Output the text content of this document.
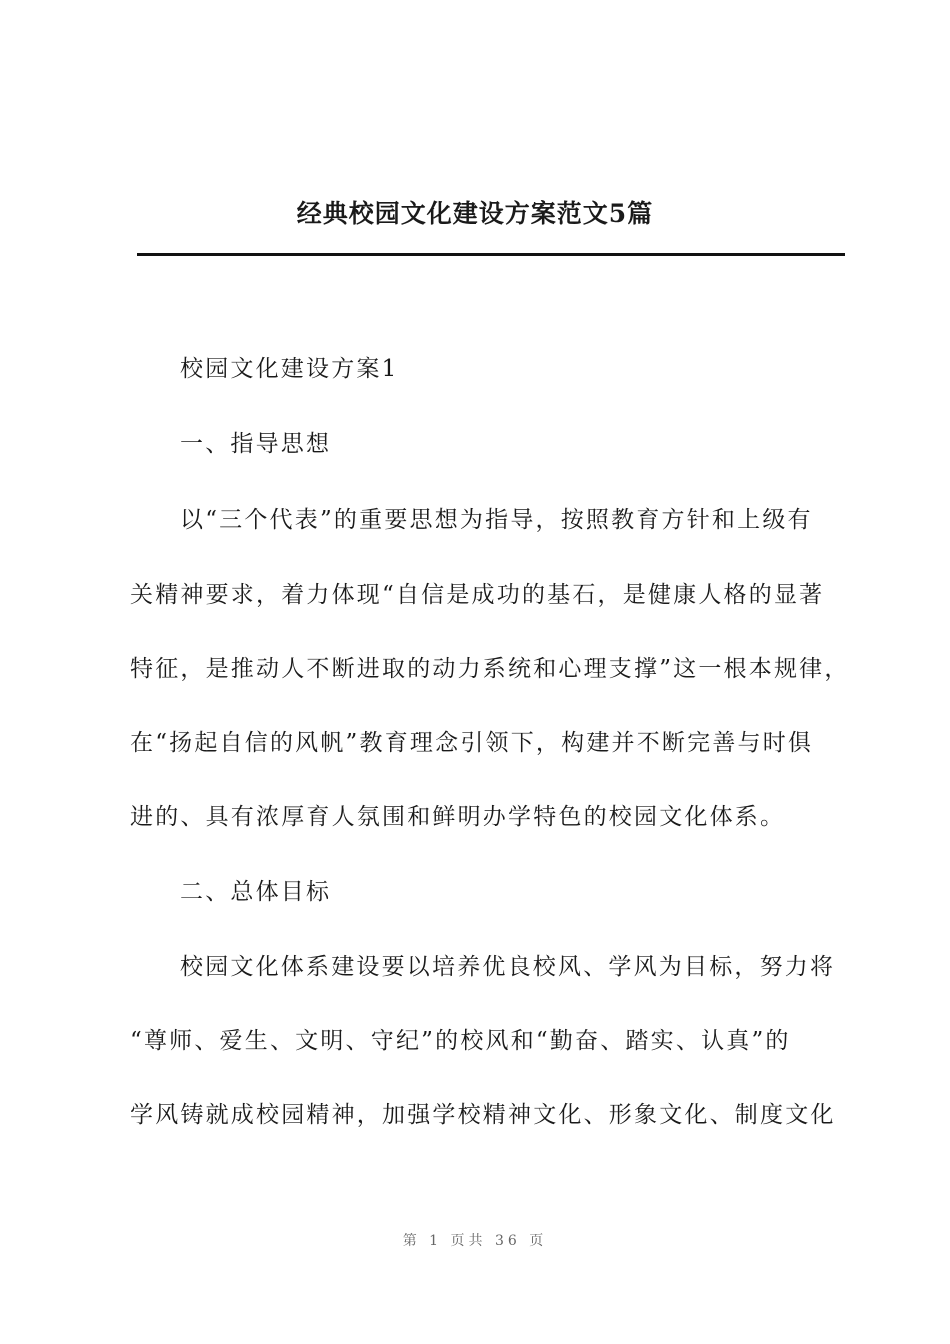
经典校园文化建设方案范文5篇
校园文化建设方案1
一、指导思想
以“三个代表”的重要思想为指导，按照教育方针和上级有
关精神要求，着力体现“自信是成功的基石，是健康人格的显著
特征，是推动人不断进取的动力系统和心理支撑”这一根本规律，
在“扬起自信的风帆”教育理念引领下，构建并不断完善与时俱
进的、具有浓厚育人氛围和鲜明办学特色的校园文化体系。
二、总体目标
校园文化体系建设要以培养优良校风、学风为目标，努力将
“尊师、爱生、文明、守纪”的校风和“勤奋、踏实、认真”的
学风铸就成校园精神，加强学校精神文化、形象文化、制度文化
第 1 页共 36 页
